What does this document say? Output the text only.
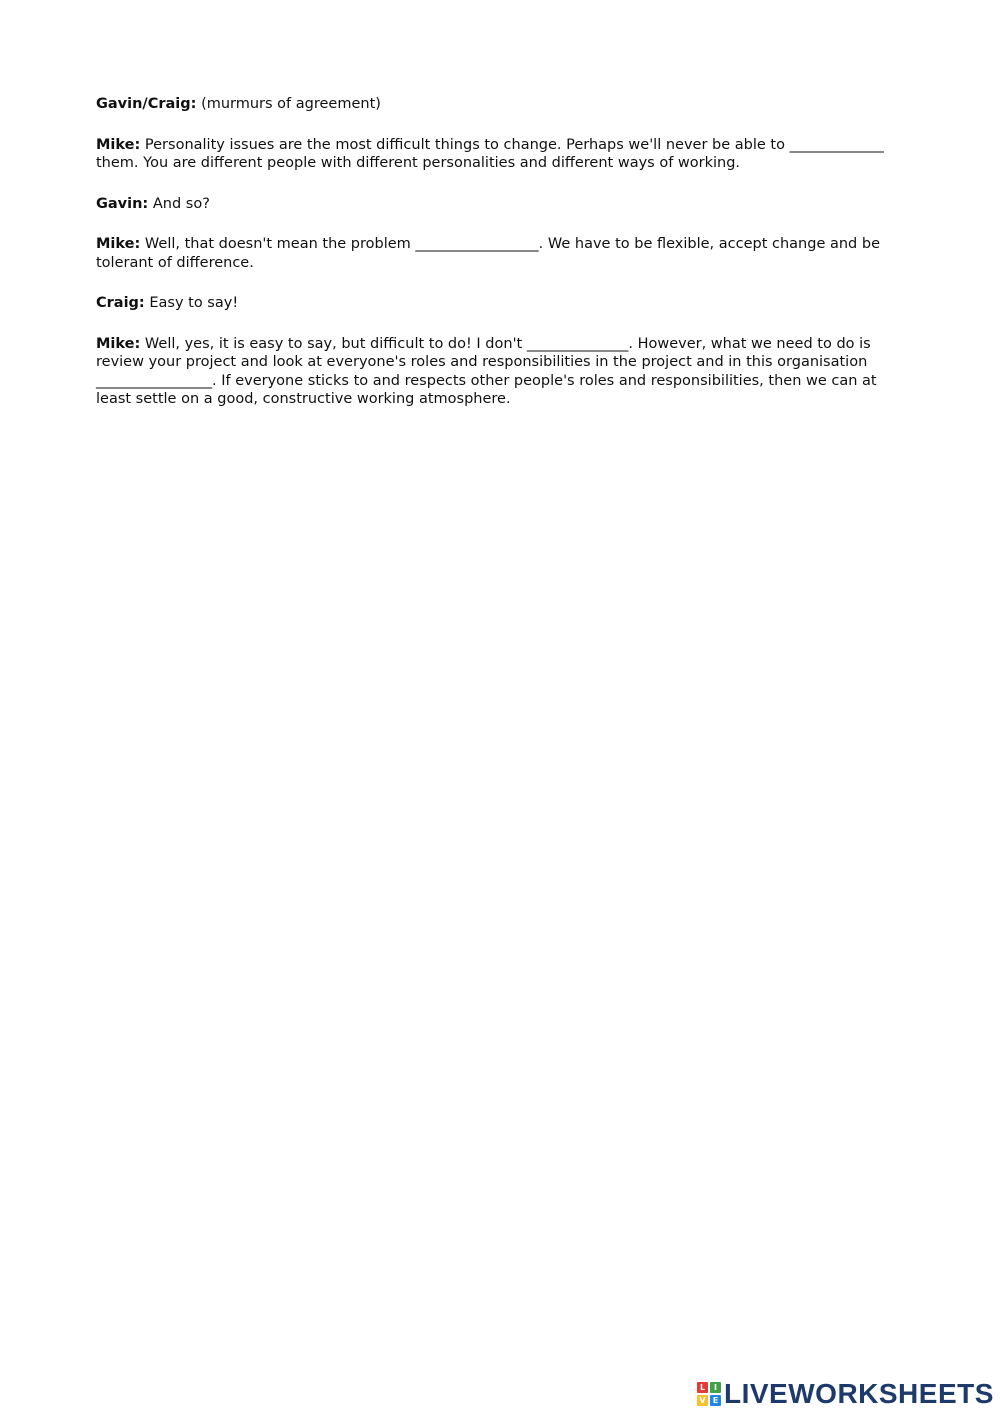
Gavin/Craig: (murmurs of agreement)

Mike: Personality issues are the most difficult things to change. Perhaps we'll never be able to _____________ them. You are different people with different personalities and different ways of working.

Gavin: And so?

Mike: Well, that doesn't mean the problem _________________. We have to be flexible, accept change and be tolerant of difference.

Craig: Easy to say!

Mike: Well, yes, it is easy to say, but difficult to do! I don't ______________. However, what we need to do is review your project and look at everyone's roles and responsibilities in the project and in this organisation ________________. If everyone sticks to and respects other people's roles and responsibilities, then we can at least settle on a good, constructive working atmosphere.

L	I
V E LIVEWORKSHEETS
